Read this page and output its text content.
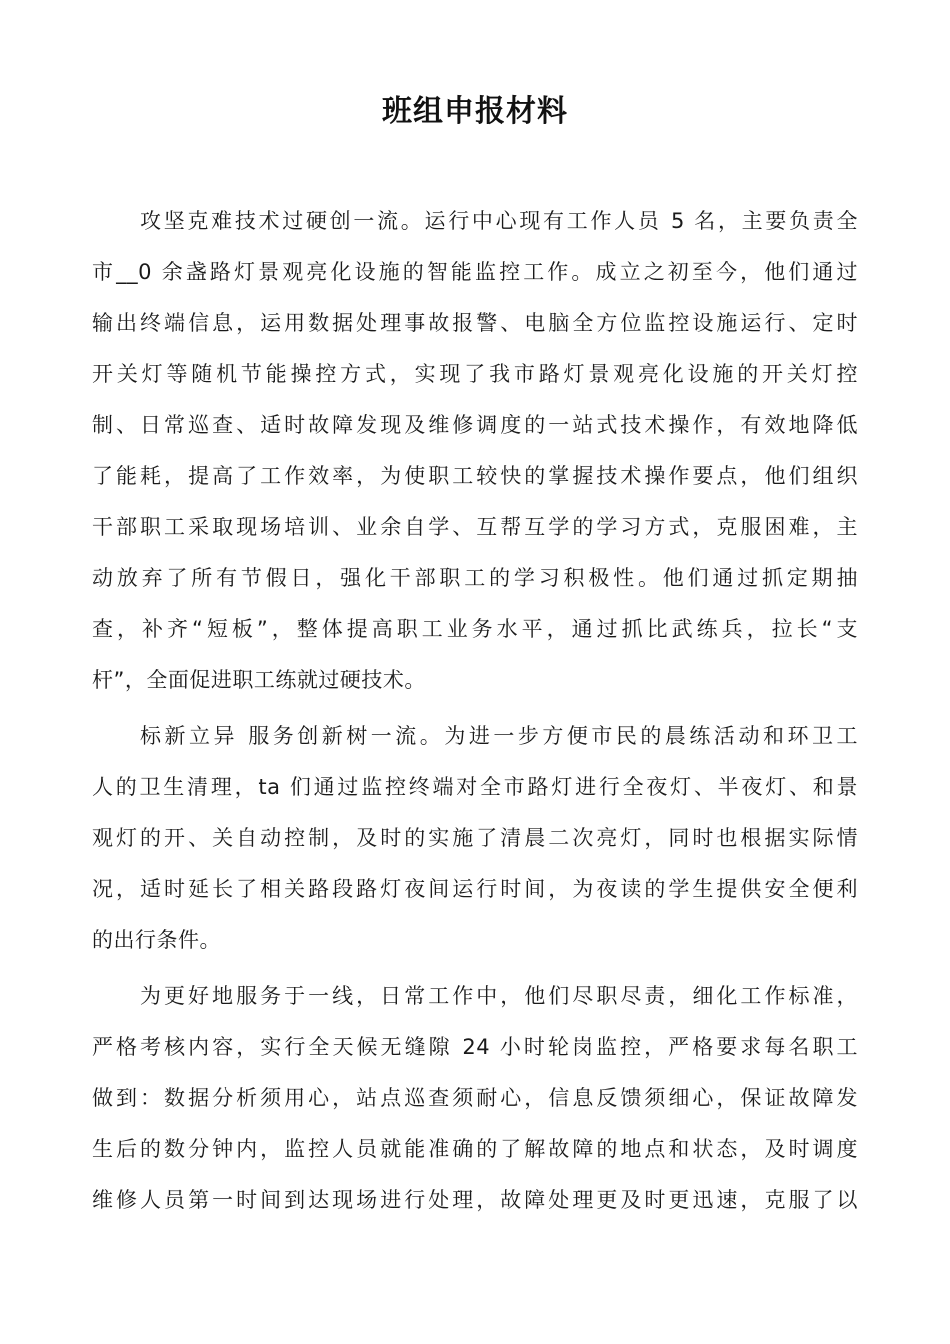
班组申报材料
攻坚克难技术过硬创一流。运行中心现有工作人员 5 名，主要负责全
市__0 余盏路灯景观亮化设施的智能监控工作。成立之初至今，他们通过
输出终端信息，运用数据处理事故报警、电脑全方位监控设施运行、定时
开关灯等随机节能操控方式，实现了我市路灯景观亮化设施的开关灯控
制、日常巡查、适时故障发现及维修调度的一站式技术操作，有效地降低
了能耗，提高了工作效率，为使职工较快的掌握技术操作要点，他们组织
干部职工采取现场培训、业余自学、互帮互学的学习方式，克服困难，主
动放弃了所有节假日，强化干部职工的学习积极性。他们通过抓定期抽
查，补齐“短板”，整体提高职工业务水平，通过抓比武练兵，拉长“支
杆”，全面促进职工练就过硬技术。
标新立异 服务创新树一流。为进一步方便市民的晨练活动和环卫工
人的卫生清理，ta 们通过监控终端对全市路灯进行全夜灯、半夜灯、和景
观灯的开、关自动控制，及时的实施了清晨二次亮灯，同时也根据实际情
况，适时延长了相关路段路灯夜间运行时间，为夜读的学生提供安全便利
的出行条件。
为更好地服务于一线，日常工作中，他们尽职尽责，细化工作标准，
严格考核内容，实行全天候无缝隙 24 小时轮岗监控，严格要求每名职工
做到：数据分析须用心，站点巡查须耐心，信息反馈须细心，保证故障发
生后的数分钟内，监控人员就能准确的了解故障的地点和状态，及时调度
维修人员第一时间到达现场进行处理，故障处理更及时更迅速，克服了以
